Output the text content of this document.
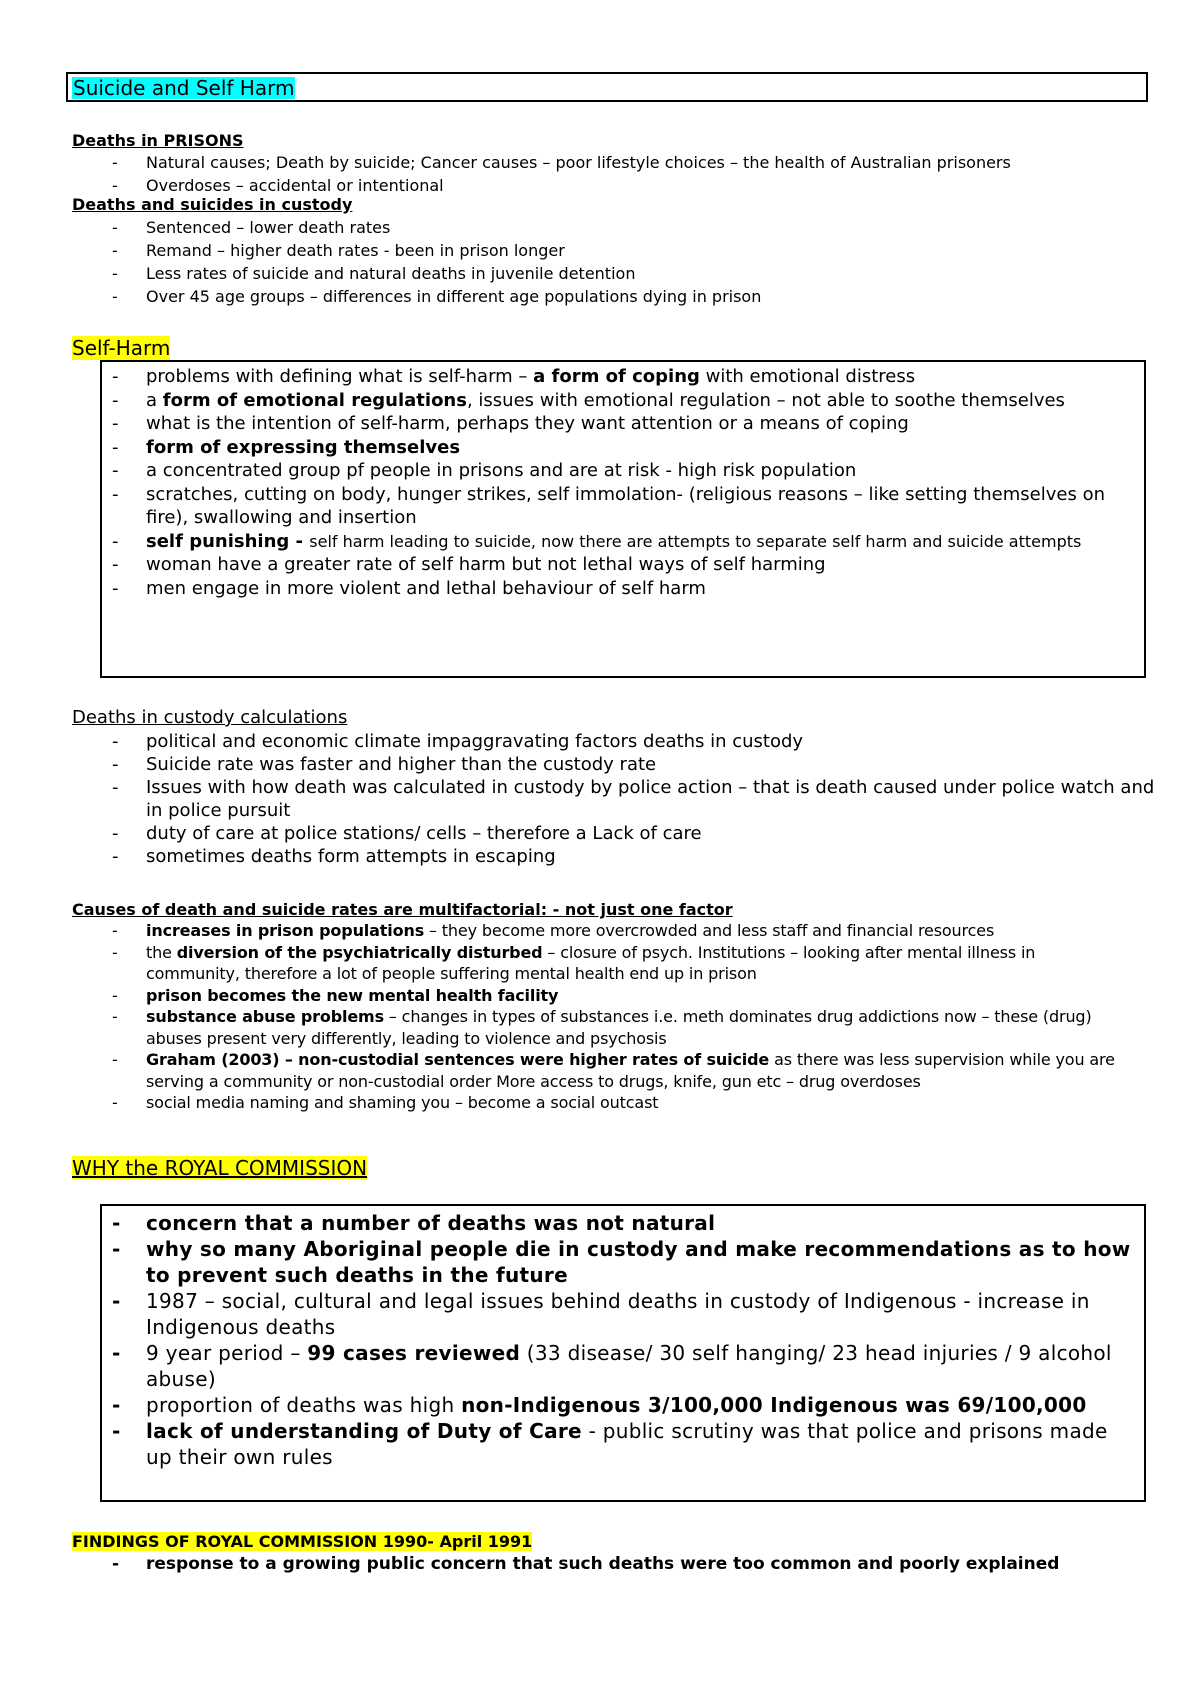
Suicide and Self Harm
Deaths in PRISONS
- Natural causes; Death by suicide; Cancer causes – poor lifestyle choices – the health of Australian prisoners
- Overdoses – accidental or intentional
Deaths and suicides in custody
- Sentenced – lower death rates
- Remand – higher death rates - been in prison longer
- Less rates of suicide and natural deaths in juvenile detention
- Over 45 age groups – differences in different age populations dying in prison
Self-Harm
- problems with defining what is self-harm – a form of coping with emotional distress
- a form of emotional regulations, issues with emotional regulation – not able to soothe themselves
- what is the intention of self-harm, perhaps they want attention or a means of coping
- form of expressing themselves
- a concentrated group pf people in prisons and are at risk - high risk population
- scratches, cutting on body, hunger strikes, self immolation- (religious reasons – like setting themselves on fire), swallowing and insertion
- self punishing - self harm leading to suicide, now there are attempts to separate self harm and suicide attempts
- woman have a greater rate of self harm but not lethal ways of self harming
- men engage in more violent and lethal behaviour of self harm
Deaths in custody calculations
- political and economic climate impaggravating factors deaths in custody
- Suicide rate was faster and higher than the custody rate
- Issues with how death was calculated in custody by police action – that is death caused under police watch and in police pursuit
- duty of care at police stations/ cells – therefore a Lack of care
- sometimes deaths form attempts in escaping
Causes of death and suicide rates are multifactorial: - not just one factor
- increases in prison populations – they become more overcrowded and less staff and financial resources
- the diversion of the psychiatrically disturbed – closure of psych. Institutions – looking after mental illness in community, therefore a lot of people suffering mental health end up in prison
- prison becomes the new mental health facility
- substance abuse problems – changes in types of substances i.e. meth dominates drug addictions now – these (drug) abuses present very differently, leading to violence and psychosis
- Graham (2003) – non-custodial sentences were higher rates of suicide as there was less supervision while you are serving a community or non-custodial order More access to drugs, knife, gun etc – drug overdoses
- social media naming and shaming you – become a social outcast
WHY the ROYAL COMMISSION
- concern that a number of deaths was not natural
- why so many Aboriginal people die in custody and make recommendations as to how to prevent such deaths in the future
- 1987 – social, cultural and legal issues behind deaths in custody of Indigenous - increase in Indigenous deaths
- 9 year period – 99 cases reviewed (33 disease/ 30 self hanging/ 23 head injuries / 9 alcohol abuse)
- proportion of deaths was high non-Indigenous 3/100,000 Indigenous was 69/100,000
- lack of understanding of Duty of Care - public scrutiny was that police and prisons made up their own rules
FINDINGS OF ROYAL COMMISSION 1990- April 1991
- response to a growing public concern that such deaths were too common and poorly explained
